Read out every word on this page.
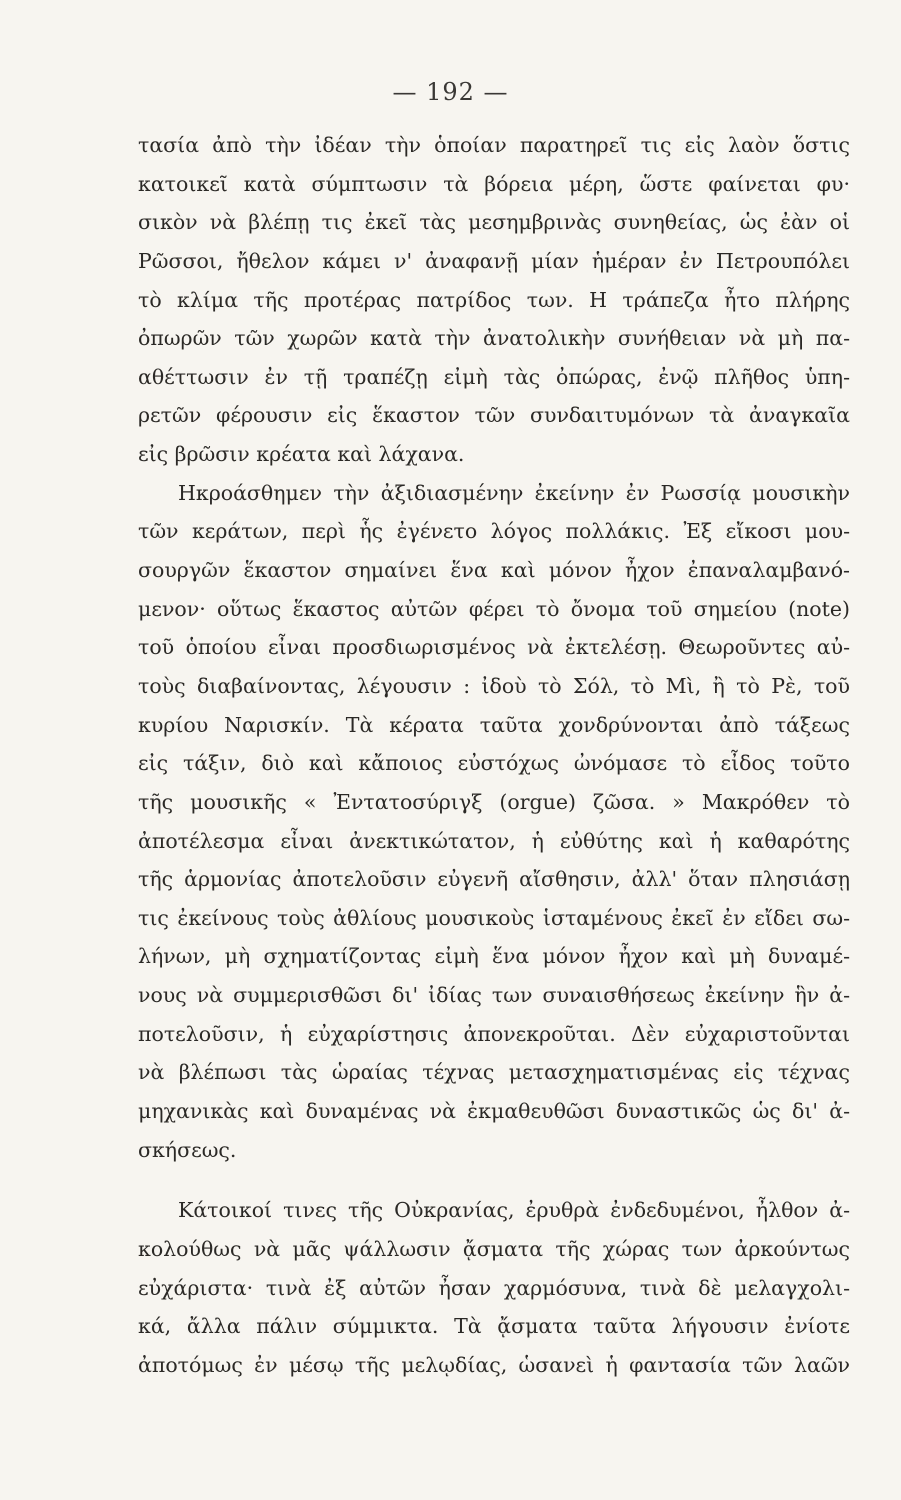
— 192 —
τασία ἀπὸ τὴν ἰδέαν τὴν ὁποίαν παρατηρεῖ τις εἰς λαὸν ὅστις
κατοικεῖ κατὰ σύμπτωσιν τὰ βόρεια μέρη, ὥστε φαίνεται φυ·
σικὸν νὰ βλέπῃ τις ἐκεῖ τὰς μεσημβρινὰς συνηθείας, ὡς ἐὰν οἱ
Ρῶσσοι, ἤθελον κάμει ν' ἀναφανῇ μίαν ἡμέραν ἐν Πετρουπόλει
τὸ κλίμα τῆς προτέρας πατρίδος των. Η τράπεζα ἦτο πλήρης
ὀπωρῶν τῶν χωρῶν κατὰ τὴν ἀνατολικὴν συνήθειαν νὰ μὴ πα-
αθέττωσιν ἐν τῇ τραπέζῃ εἰμὴ τὰς ὀπώρας, ἐνῷ πλῆθος ὑπη-
ρετῶν φέρουσιν εἰς ἕκαστον τῶν συνδαιτυμόνων τὰ ἀναγκαῖα
εἰς βρῶσιν κρέατα καὶ λάχανα.
Ηκροάσθημεν τὴν ἀξιδιασμένην ἐκείνην ἐν Ρωσσίᾳ μουσικὴν
τῶν κεράτων, περὶ ἧς ἐγένετο λόγος πολλάκις. Ἐξ εἴκοσι μου-
σουργῶν ἕκαστον σημαίνει ἕνα καὶ μόνον ἦχον ἐπαναλαμβανό-
μενον· οὕτως ἕκαστος αὐτῶν φέρει τὸ ὄνομα τοῦ σημείου (note)
τοῦ ὁποίου εἶναι προσδιωρισμένος νὰ ἐκτελέσῃ. Θεωροῦντες αὐ-
τοὺς διαβαίνοντας, λέγουσιν : ἰδοὺ τὸ Σόλ, τὸ Μὶ, ἢ τὸ Ρὲ, τοῦ
κυρίου Ναρισκίν. Τὰ κέρατα ταῦτα χονδρύνονται ἀπὸ τάξεως
εἰς τάξιν, διὸ καὶ κἄποιος εὐστόχως ὠνόμασε τὸ εἶδος τοῦτο
τῆς μουσικῆς « Ἐντατοσύριγξ (orgue) ζῶσα. » Μακρόθεν τὸ
ἀποτέλεσμα εἶναι ἀνεκτικώτατον, ἡ εὐθύτης καὶ ἡ καθαρότης
τῆς ἁρμονίας ἀποτελοῦσιν εὐγενῆ αἴσθησιν, ἀλλ' ὅταν πλησιάσῃ
τις ἐκείνους τοὺς ἀθλίους μουσικοὺς ἱσταμένους ἐκεῖ ἐν εἴδει σω-
λήνων, μὴ σχηματίζοντας εἰμὴ ἕνα μόνον ἦχον καὶ μὴ δυναμέ-
νους νὰ συμμερισθῶσι δι' ἰδίας των συναισθήσεως ἐκείνην ἣν ἀ-
ποτελοῦσιν, ἡ εὐχαρίστησις ἀπονεκροῦται. Δὲν εὐχαριστοῦνται
νὰ βλέπωσι τὰς ὡραίας τέχνας μετασχηματισμένας εἰς τέχνας
μηχανικὰς καὶ δυναμένας νὰ ἐκμαθευθῶσι δυναστικῶς ὡς δι' ἀ-
σκήσεως.
Κάτοικοί τινες τῆς Οὐκρανίας, ἐρυθρὰ ἐνδεδυμένοι, ἦλθον ἀ-
κολούθως νὰ μᾶς ψάλλωσιν ᾄσματα τῆς χώρας των ἀρκούντως
εὐχάριστα· τινὰ ἐξ αὐτῶν ἦσαν χαρμόσυνα, τινὰ δὲ μελαγχολι-
κά, ἄλλα πάλιν σύμμικτα. Τὰ ᾄσματα ταῦτα λήγουσιν ἐνίοτε
ἀποτόμως ἐν μέσῳ τῆς μελῳδίας, ὡσανεὶ ἡ φαντασία τῶν λαῶν
